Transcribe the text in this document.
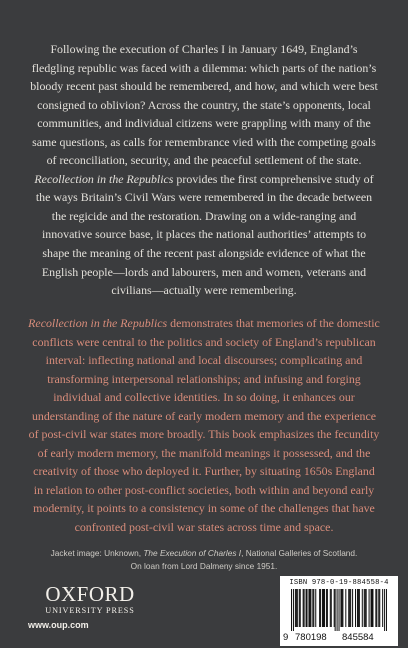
Following the execution of Charles I in January 1649, England’s fledgling republic was faced with a dilemma: which parts of the nation’s bloody recent past should be remembered, and how, and which were best consigned to oblivion? Across the country, the state’s opponents, local communities, and individual citizens were grappling with many of the same questions, as calls for remembrance vied with the competing goals of reconciliation, security, and the peaceful settlement of the state. Recollection in the Republics provides the first comprehensive study of the ways Britain’s Civil Wars were remembered in the decade between the regicide and the restoration. Drawing on a wide-ranging and innovative source base, it places the national authorities’ attempts to shape the meaning of the recent past alongside evidence of what the English people—lords and labourers, men and women, veterans and civilians—actually were remembering.

Recollection in the Republics demonstrates that memories of the domestic conflicts were central to the politics and society of England’s republican interval: inflecting national and local discourses; complicating and transforming interpersonal relationships; and infusing and forging individual and collective identities. In so doing, it enhances our understanding of the nature of early modern memory and the experience of post-civil war states more broadly. This book emphasizes the fecundity of early modern memory, the manifold meanings it possessed, and the creativity of those who deployed it. Further, by situating 1650s England in relation to other post-conflict societies, both within and beyond early modernity, it points to a consistency in some of the challenges that have confronted post-civil war states across time and space.

Jacket image: Unknown, The Execution of Charles I, National Galleries of Scotland.
On loan from Lord Dalmeny since 1951.
OXFORD
UNIVERSITY PRESS
www.oup.com
ISBN 978-0-19-884558-4
9 780198 845584
